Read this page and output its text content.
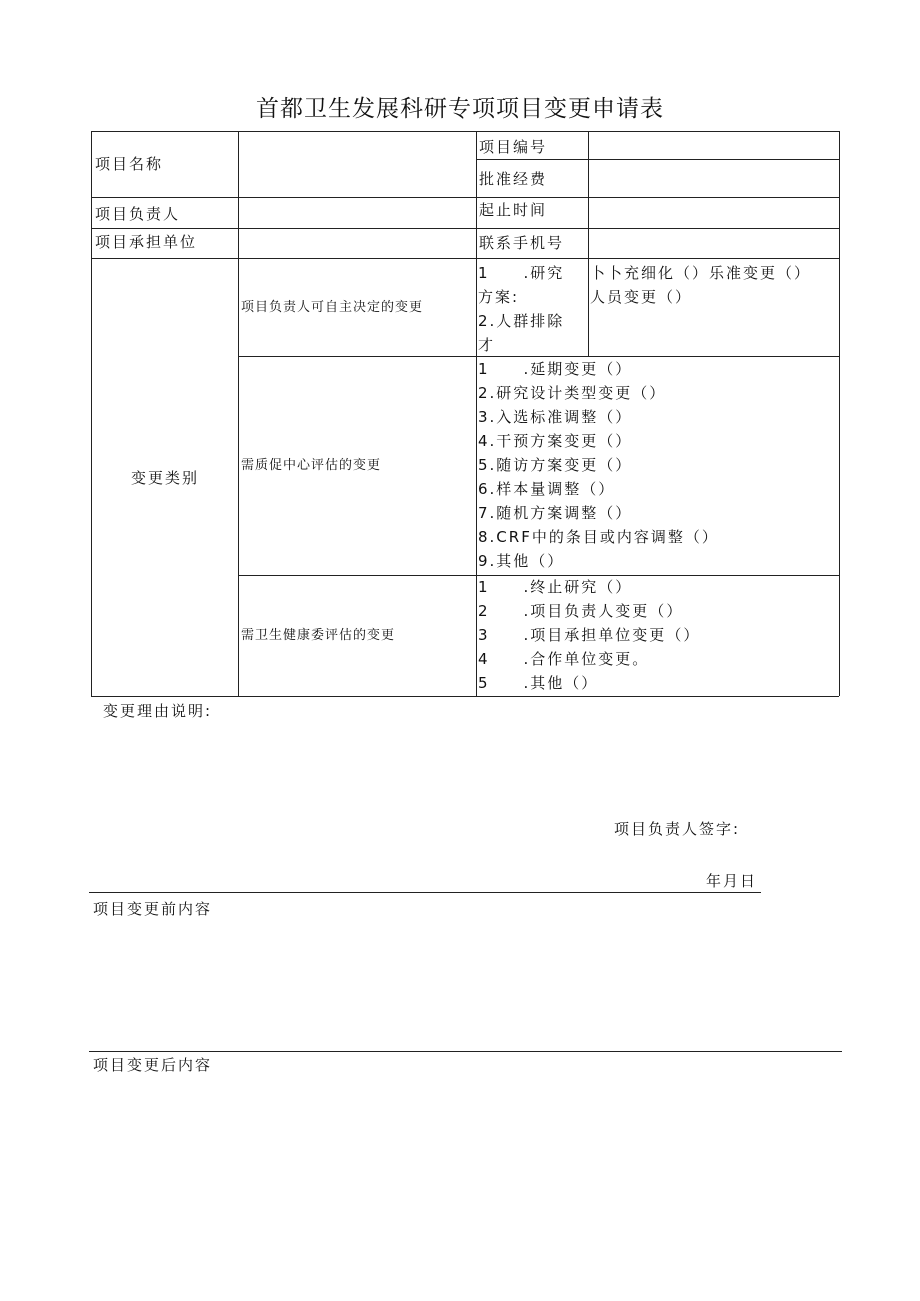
首都卫生发展科研专项项目变更申请表
项目名称
项目编号
批准经费
项目负责人	起止时间
项目承担单位	联系手机号
变更类别
项目负责人可自主决定的变更
1　　.研究
方案:
2.人群排除
才
卜卜充细化（）乐准变更（）
人员变更（）
需质促中心评估的变更
1　　.延期变更（）
2.研究设计类型变更（）
3.入选标准调整（）
4.干预方案变更（）
5.随访方案变更（）
6.样本量调整（）
7.随机方案调整（）
8.CRF中的条目或内容调整（）
9.其他（）
需卫生健康委评估的变更
1　　.终止研究（）
2　　.项目负责人变更（）
3　　.项目承担单位变更（）
4　　.合作单位变更。
5　　.其他（）
变更理由说明:
项目负责人签字:
年月日
项目变更前内容
项目变更后内容
